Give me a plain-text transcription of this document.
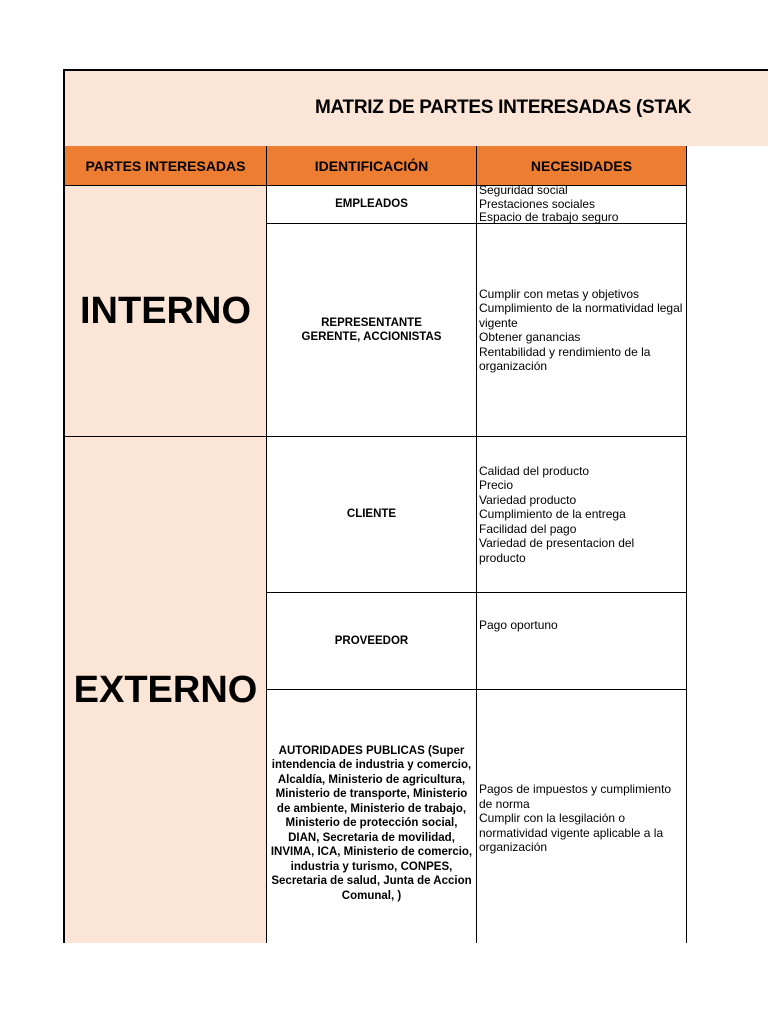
MATRIZ DE PARTES INTERESADAS (STAK
PARTES INTERESADAS	IDENTIFICACIÓN	NECESIDADES
INTERNO
EXTERNO
EMPLEADOS
Seguridad social
Prestaciones sociales
Espacio de trabajo seguro
REPRESENTANTE
GERENTE, ACCIONISTAS
Cumplir con metas y objetivos
Cumplimiento de la normatividad legal vigente
Obtener ganancias
Rentabilidad y rendimiento de la organización
CLIENTE
Calidad del producto
Precio
Variedad producto
Cumplimiento de la entrega
Facilidad del pago
Variedad de presentacion del producto
PROVEEDOR
Pago oportuno
AUTORIDADES PUBLICAS (Super intendencia de industria y comercio, Alcaldía, Ministerio de agricultura, Ministerio de transporte, Ministerio de ambiente, Ministerio de trabajo, Ministerio de protección social, DIAN, Secretaria de movilidad, INVIMA, ICA, Ministerio de comercio, industria y turismo, CONPES, Secretaria de salud, Junta de Accion Comunal, )
Pagos de impuestos y cumplimiento de norma
Cumplir con la lesgilación o normatividad vigente aplicable a la organización
